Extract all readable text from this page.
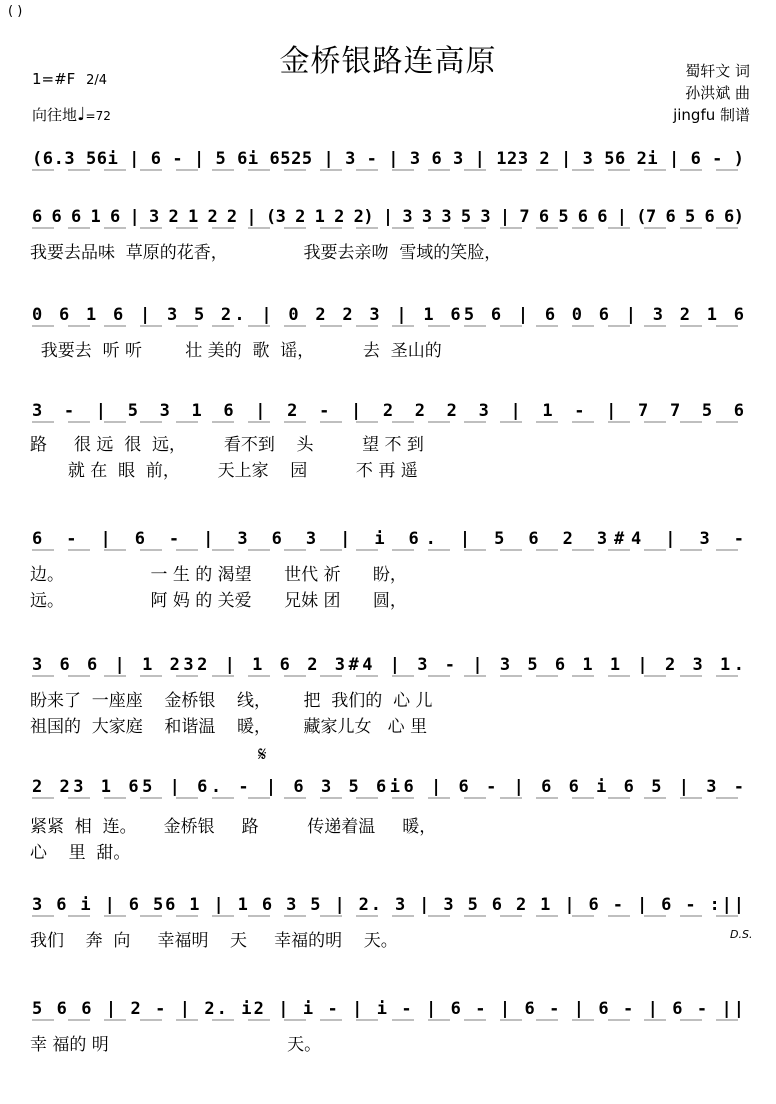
( )
金桥银路连高原	蜀轩文 词
孙洪斌 曲
jingfu 制谱
1=#F 2/4
向往地♩=72
(6.3 56i | 6 - | 5 6i 6525 | 3 - | 3 6 3 | 123 2 | 3 56 2i | 6 - )
6 6 6 1 6 | 3 2 1 2 2 | (3 2 1 2 2) | 3 3 3 5 3 | 7 6 5 6 6 | (7 6 5 6 6)
我要去品味  草原的花香，              我要去亲吻  雪域的笑脸，
0 6 1 6 | 3 5 2. | 0 2 2 3 | 1 65 6 | 6 0 6 | 3 2 1 6
我要去  听 听        壮 美的  歌  谣，         去  圣山的
3 - | 5 3 1 6 | 2 - | 2 2 2 3 | 1 - | 7 7 5 6
路     很 远  很  远，       看不到    头         望 不 到
就 在  眼  前，       天上家    园         不 再 遥
6 - | 6 - | 3 6 3 | i 6. | 5 6 2 3#4 | 3 -
边。                一 生 的 渴望      世代 祈      盼，
远。                阿 妈 的 关爱      兄妹 团      圆，
3 6 6 | 1 232 | 1 6 2 3#4 | 3 - | 3 5 6 1 1 | 2 3 1.
盼来了  一座座    金桥银    线，      把  我们的  心 儿
祖国的  大家庭    和谐温    暖，      藏家儿女   心 里
2 23 1 65 | 6. - | 6 3 5 6i6 | 6 - | 6 6 i 6 5 | 3 -
紧紧  相  连。     金桥银     路         传递着温     暖，
心    里  甜。
3 6 i | 6 56 1 | 1 6 3 5 | 2. 3 | 3 5 6 2 1 | 6 - | 6 - :||
我们    奔  向     幸福明    天     幸福的明    天。
5 6 6 | 2 - | 2. i2 | i - | i - | 6 - | 6 - | 6 - | 6 - ||
幸 福的 明                                 天。
𝄋
D.S.
